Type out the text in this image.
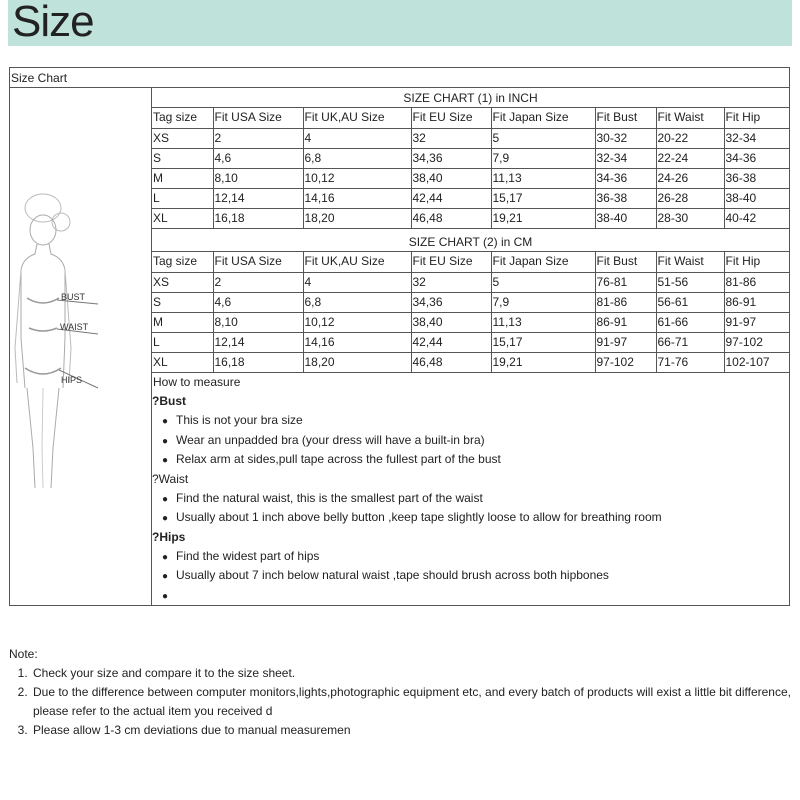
Size
Size Chart
BUST
WAIST
HIPS
SIZE CHART (1) in INCH
Tag size	Fit USA Size	Fit UK,AU Size	Fit EU Size	Fit Japan Size	Fit Bust	Fit Waist	Fit Hip
XS	2	4	32	5	30-32	20-22	32-34
S	4,6	6,8	34,36	7,9	32-34	22-24	34-36
M	8,10	10,12	38,40	11,13	34-36	24-26	36-38
L	12,14	14,16	42,44	15,17	36-38	26-28	38-40
XL	16,18	18,20	46,48	19,21	38-40	28-30	40-42
SIZE CHART (2) in CM
Tag size	Fit USA Size	Fit UK,AU Size	Fit EU Size	Fit Japan Size	Fit Bust	Fit Waist	Fit Hip
XS	2	4	32	5	76-81	51-56	81-86
S	4,6	6,8	34,36	7,9	81-86	56-61	86-91
M	8,10	10,12	38,40	11,13	86-91	61-66	91-97
L	12,14	14,16	42,44	15,17	91-97	66-71	97-102
XL	16,18	18,20	46,48	19,21	97-102	71-76	102-107
How to measure
?Bust
● This is not your bra size
● Wear an unpadded bra (your dress will have a built-in bra)
● Relax arm at sides,pull tape across the fullest part of the bust
?Waist
● Find the natural waist, this is the smallest part of the waist
● Usually about 1 inch above belly button ,keep tape slightly loose to allow for breathing room
?Hips
● Find the widest part of hips
● Usually about 7 inch below natural waist ,tape should brush across both hipbones
●
Note:
1. Check your size and compare it to the size sheet.
2. Due to the difference between computer monitors,lights,photographic equipment etc, and every batch of products will exist a little bit difference, please refer to the actual item you received d
3. Please allow 1-3 cm deviations due to manual measuremen
